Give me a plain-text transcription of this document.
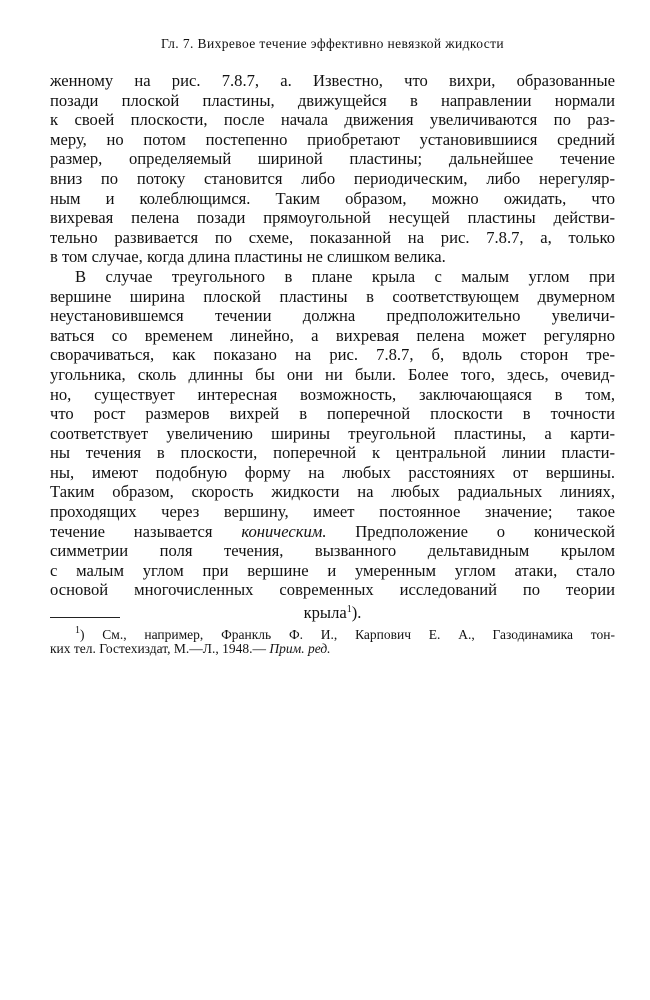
Гл. 7. Вихревое течение эффективно невязкой жидкости
женному на рис. 7.8.7, а. Известно, что вихри, образованные
позади плоской пластины, движущейся в направлении нормали
к своей плоскости, после начала движения увеличиваются по раз-
меру, но потом постепенно приобретают установившиися средний
размер, определяемый шириной пластины; дальнейшее течение
вниз по потоку становится либо периодическим, либо нерегуляр-
ным и колеблющимся. Таким образом, можно ожидать, что
вихревая пелена позади прямоугольной несущей пластины действи-
тельно развивается по схеме, показанной на рис. 7.8.7, а, только
в том случае, когда длина пластины не слишком велика.
В случае треугольного в плане крыла с малым углом при
вершине ширина плоской пластины в соответствующем двумерном
неустановившемся течении должна предположительно увеличи-
ваться со временем линейно, а вихревая пелена может регулярно
сворачиваться, как показано на рис. 7.8.7, б, вдоль сторон тре-
угольника, сколь длинны бы они ни были. Более того, здесь, очевид-
но, существует интересная возможность, заключающаяся в том,
что рост размеров вихрей в поперечной плоскости в точности
соответствует увеличению ширины треугольной пластины, а карти-
ны течения в плоскости, поперечной к центральной линии пласти-
ны, имеют подобную форму на любых расстояниях от вершины.
Таким образом, скорость жидкости на любых радиальных линиях,
проходящих через вершину, имеет постоянное значение; такое
течение называется коническим. Предположение о конической
симметрии поля течения, вызванного дельтавидным крылом
с малым углом при вершине и умеренным углом атаки, стало
основой многочисленных современных исследований по теории
крыла$^1$).
$^1$) См., например, Франкль Ф. И., Карпович Е. А., Газодинамика тон-
ких тел. Гостехиздат, М.—Л., 1948.— Прим. ред.
